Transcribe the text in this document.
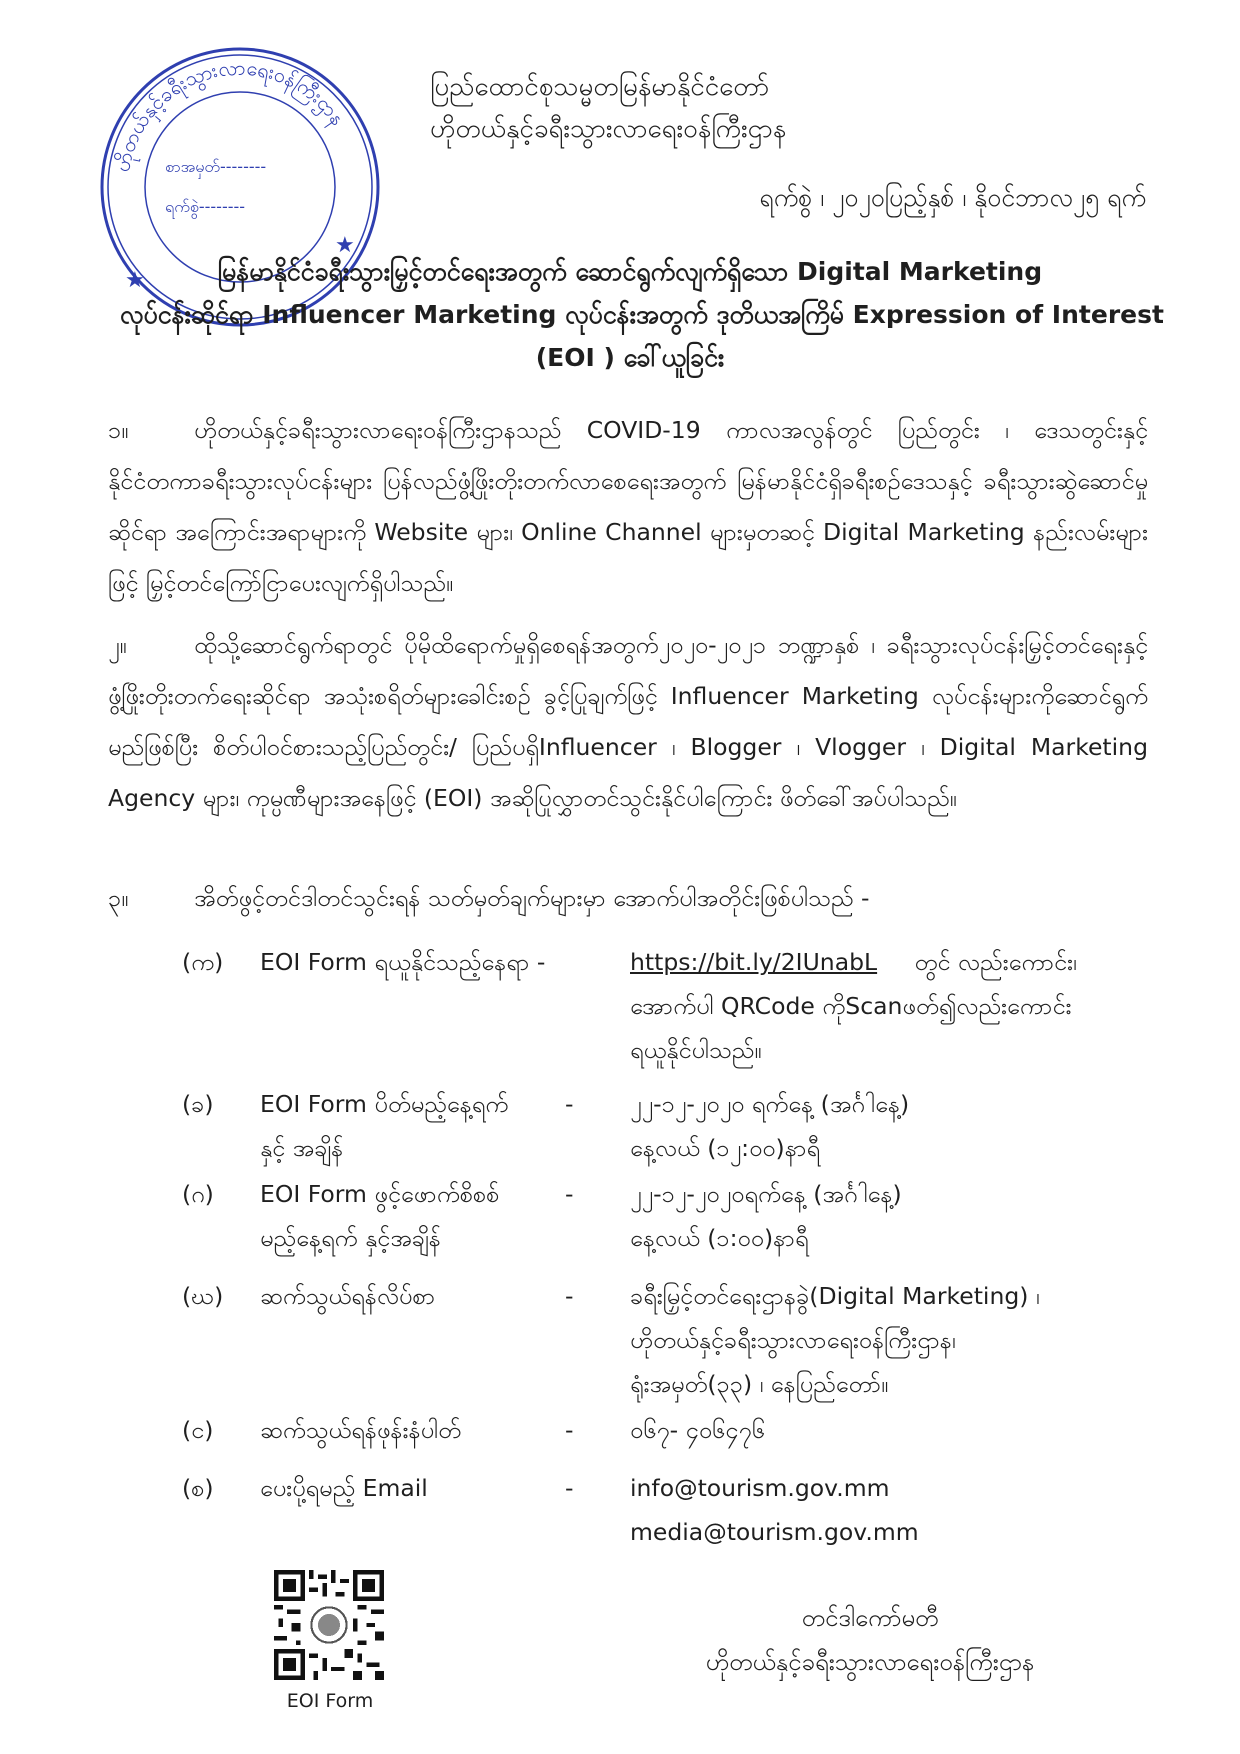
ဟိုတယ်နှင့်ခရီးသွားလာရေးဝန်ကြီးဌာန
စာအမှတ်--------
ရက်စွဲ--------
★
★
ပြည်ထောင်စုသမ္မတမြန်မာနိုင်ငံတော်
ဟိုတယ်နှင့်ခရီးသွားလာရေးဝန်ကြီးဌာန
ရက်စွဲ ၊ ၂၀၂၀ပြည့်နှစ် ၊ နိုဝင်ဘာလ၂၅ ရက်
မြန်မာနိုင်ငံခရီးသွားမြှင့်တင်ရေးအတွက် ဆောင်ရွက်လျက်ရှိသော Digital Marketing
လုပ်ငန်းဆိုင်ရာ Influencer Marketing လုပ်ငန်းအတွက် ဒုတိယအကြိမ် Expression of Interest
(EOI ) ခေါ်ယူခြင်း
၁။	ဟိုတယ်နှင့်ခရီးသွားလာရေးဝန်ကြီးဌာနသည် COVID-19 ကာလအလွန်တွင် ပြည်တွင်း ၊ ဒေသတွင်းနှင့် နိုင်ငံတကာခရီးသွားလုပ်ငန်းများ ပြန်လည်ဖွံ့ဖြိုးတိုးတက်လာစေရေးအတွက် မြန်မာနိုင်ငံရှိခရီးစဉ်ဒေသနှင့် ခရီးသွားဆွဲဆောင်မှုဆိုင်ရာ အကြောင်းအရာများကို Website များ၊ Online Channel များမှတဆင့် Digital Marketing နည်းလမ်းများဖြင့် မြှင့်တင်ကြော်ငြာပေးလျက်ရှိပါသည်။
၂။	ထိုသို့ဆောင်ရွက်ရာတွင် ပိုမိုထိရောက်မှုရှိစေရန်အတွက်၂၀၂၀-၂၀၂၁ ဘဏ္ဍာနှစ် ၊ ခရီးသွားလုပ်ငန်းမြှင့်တင်ရေးနှင့် ဖွံ့ဖြိုးတိုးတက်ရေးဆိုင်ရာ အသုံးစရိတ်များခေါင်းစဉ် ခွင့်ပြုချက်ဖြင့် Influencer Marketing လုပ်ငန်းများကိုဆောင်ရွက်မည်ဖြစ်ပြီး စိတ်ပါဝင်စားသည့်ပြည်တွင်း/ ပြည်ပရှိInfluencer ၊ Blogger ၊ Vlogger ၊ Digital Marketing Agency များ၊ ကုမ္ပဏီများအနေဖြင့် (EOI) အဆိုပြုလွှာတင်သွင်းနိုင်ပါကြောင်း ဖိတ်ခေါ်အပ်ပါသည်။
၃။	အိတ်ဖွင့်တင်ဒါတင်သွင်းရန် သတ်မှတ်ချက်များမှာ အောက်ပါအတိုင်းဖြစ်ပါသည် -
(က)	EOI Form ရယူနိုင်သည့်နေရာ -	https://bit.ly/2IUnabL တွင် လည်းကောင်း၊
အောက်ပါ QRCode ကိုScanဖတ်၍လည်းကောင်း
ရယူနိုင်ပါသည်။
(ခ)	EOI Form ပိတ်မည့်နေ့ရက်
နှင့် အချိန်
-	၂၂-၁၂-၂၀၂၀ ရက်နေ့ (အင်္ဂါနေ့)
နေ့လယ် (၁၂:၀၀)နာရီ
(ဂ)	EOI Form ဖွင့်ဖောက်စိစစ်
မည့်နေ့ရက် နှင့်အချိန်
-	၂၂-၁၂-၂၀၂၀ရက်နေ့ (အင်္ဂါနေ့)
နေ့လယ် (၁:၀၀)နာရီ
(ဃ)	ဆက်သွယ်ရန်လိပ်စာ	-	ခရီးမြှင့်တင်ရေးဌာနခွဲ(Digital Marketing) ၊
ဟိုတယ်နှင့်ခရီးသွားလာရေးဝန်ကြီးဌာန၊
ရုံးအမှတ်(၃၃) ၊ နေပြည်တော်။
(င)	ဆက်သွယ်ရန်ဖုန်းနံပါတ်	-	၀၆၇- ၄၀၆၄၇၆
(စ)	ပေးပို့ရမည့် Email	-	info@tourism.gov.mm
media@tourism.gov.mm
EOI Form
တင်ဒါကော်မတီ
ဟိုတယ်နှင့်ခရီးသွားလာရေးဝန်ကြီးဌာန
